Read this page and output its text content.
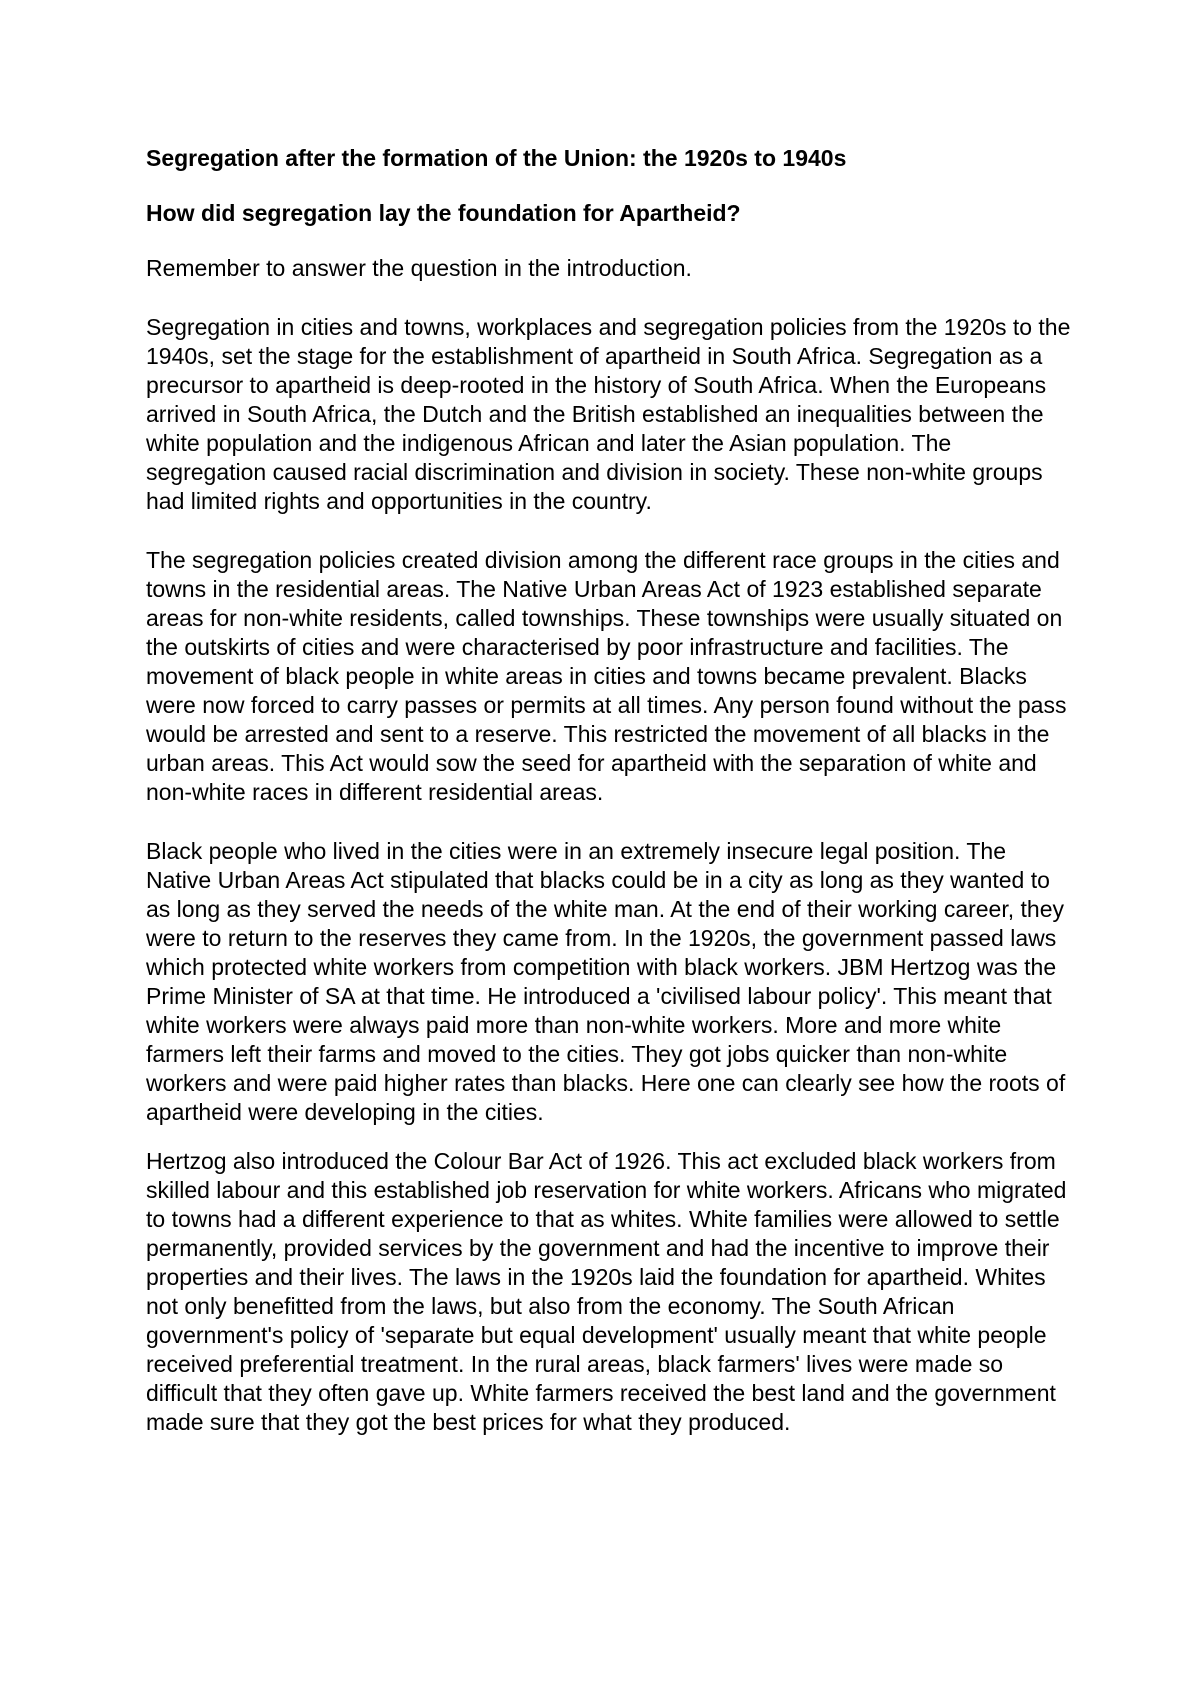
Segregation after the formation of the Union: the 1920s to 1940s

How did segregation lay the foundation for Apartheid?

Remember to answer the question in the introduction.

Segregation in cities and towns, workplaces and segregation policies from the 1920s to the 1940s, set the stage for the establishment of apartheid in South Africa. Segregation as a precursor to apartheid is deep-rooted in the history of South Africa. When the Europeans arrived in South Africa, the Dutch and the British established an inequalities between the white population and the indigenous African and later the Asian population. The segregation caused racial discrimination and division in society. These non-white groups had limited rights and opportunities in the country.

The segregation policies created division among the different race groups in the cities and towns in the residential areas. The Native Urban Areas Act of 1923 established separate areas for non-white residents, called townships. These townships were usually situated on the outskirts of cities and were characterised by poor infrastructure and facilities. The movement of black people in white areas in cities and towns became prevalent. Blacks were now forced to carry passes or permits at all times. Any person found without the pass would be arrested and sent to a reserve. This restricted the movement of all blacks in the urban areas. This Act would sow the seed for apartheid with the separation of white and non-white races in different residential areas.

Black people who lived in the cities were in an extremely insecure legal position. The Native Urban Areas Act stipulated that blacks could be in a city as long as they wanted to as long as they served the needs of the white man. At the end of their working career, they were to return to the reserves they came from. In the 1920s, the government passed laws which protected white workers from competition with black workers. JBM Hertzog was the Prime Minister of SA at that time. He introduced a 'civilised labour policy'. This meant that white workers were always paid more than non-white workers. More and more white farmers left their farms and moved to the cities. They got jobs quicker than non-white workers and were paid higher rates than blacks. Here one can clearly see how the roots of apartheid were developing in the cities.

Hertzog also introduced the Colour Bar Act of 1926. This act excluded black workers from skilled labour and this established job reservation for white workers. Africans who migrated to towns had a different experience to that as whites. White families were allowed to settle permanently, provided services by the government and had the incentive to improve their properties and their lives. The laws in the 1920s laid the foundation for apartheid. Whites not only benefitted from the laws, but also from the economy. The South African government's policy of 'separate but equal development' usually meant that white people received preferential treatment. In the rural areas, black farmers' lives were made so difficult that they often gave up. White farmers received the best land and the government made sure that they got the best prices for what they produced.
